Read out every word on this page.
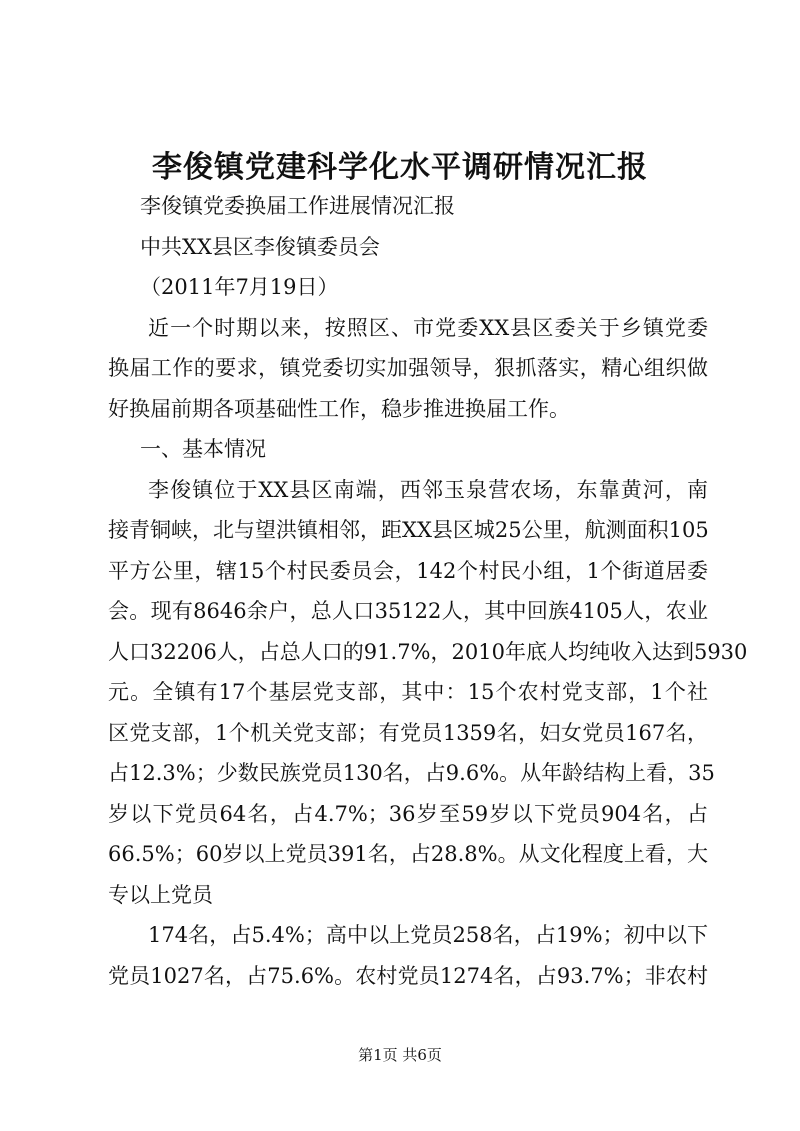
李俊镇党建科学化水平调研情况汇报
李俊镇党委换届工作进展情况汇报
中共XX县区李俊镇委员会
（2011年7月19日）
近一个时期以来，按照区、市党委XX县区委关于乡镇党委
换届工作的要求，镇党委切实加强领导，狠抓落实，精心组织做
好换届前期各项基础性工作，稳步推进换届工作。
一、基本情况
李俊镇位于XX县区南端，西邻玉泉营农场，东靠黄河，南
接青铜峡，北与望洪镇相邻，距XX县区城25公里，航测面积105
平方公里，辖15个村民委员会，142个村民小组，1个街道居委
会。现有8646余户，总人口35122人，其中回族4105人，农业
人口32206人，占总人口的91.7%，2010年底人均纯收入达到5930
元。全镇有17个基层党支部，其中：15个农村党支部，1个社
区党支部，1个机关党支部；有党员1359名，妇女党员167名，
占12.3%；少数民族党员130名，占9.6%。从年龄结构上看，35
岁以下党员64名，占4.7%；36岁至59岁以下党员904名，占
66.5%；60岁以上党员391名，占28.8%。从文化程度上看，大
专以上党员
174名，占5.4%；高中以上党员258名，占19%；初中以下
党员1027名，占75.6%。农村党员1274名，占93.7%；非农村
第1页 共6页
